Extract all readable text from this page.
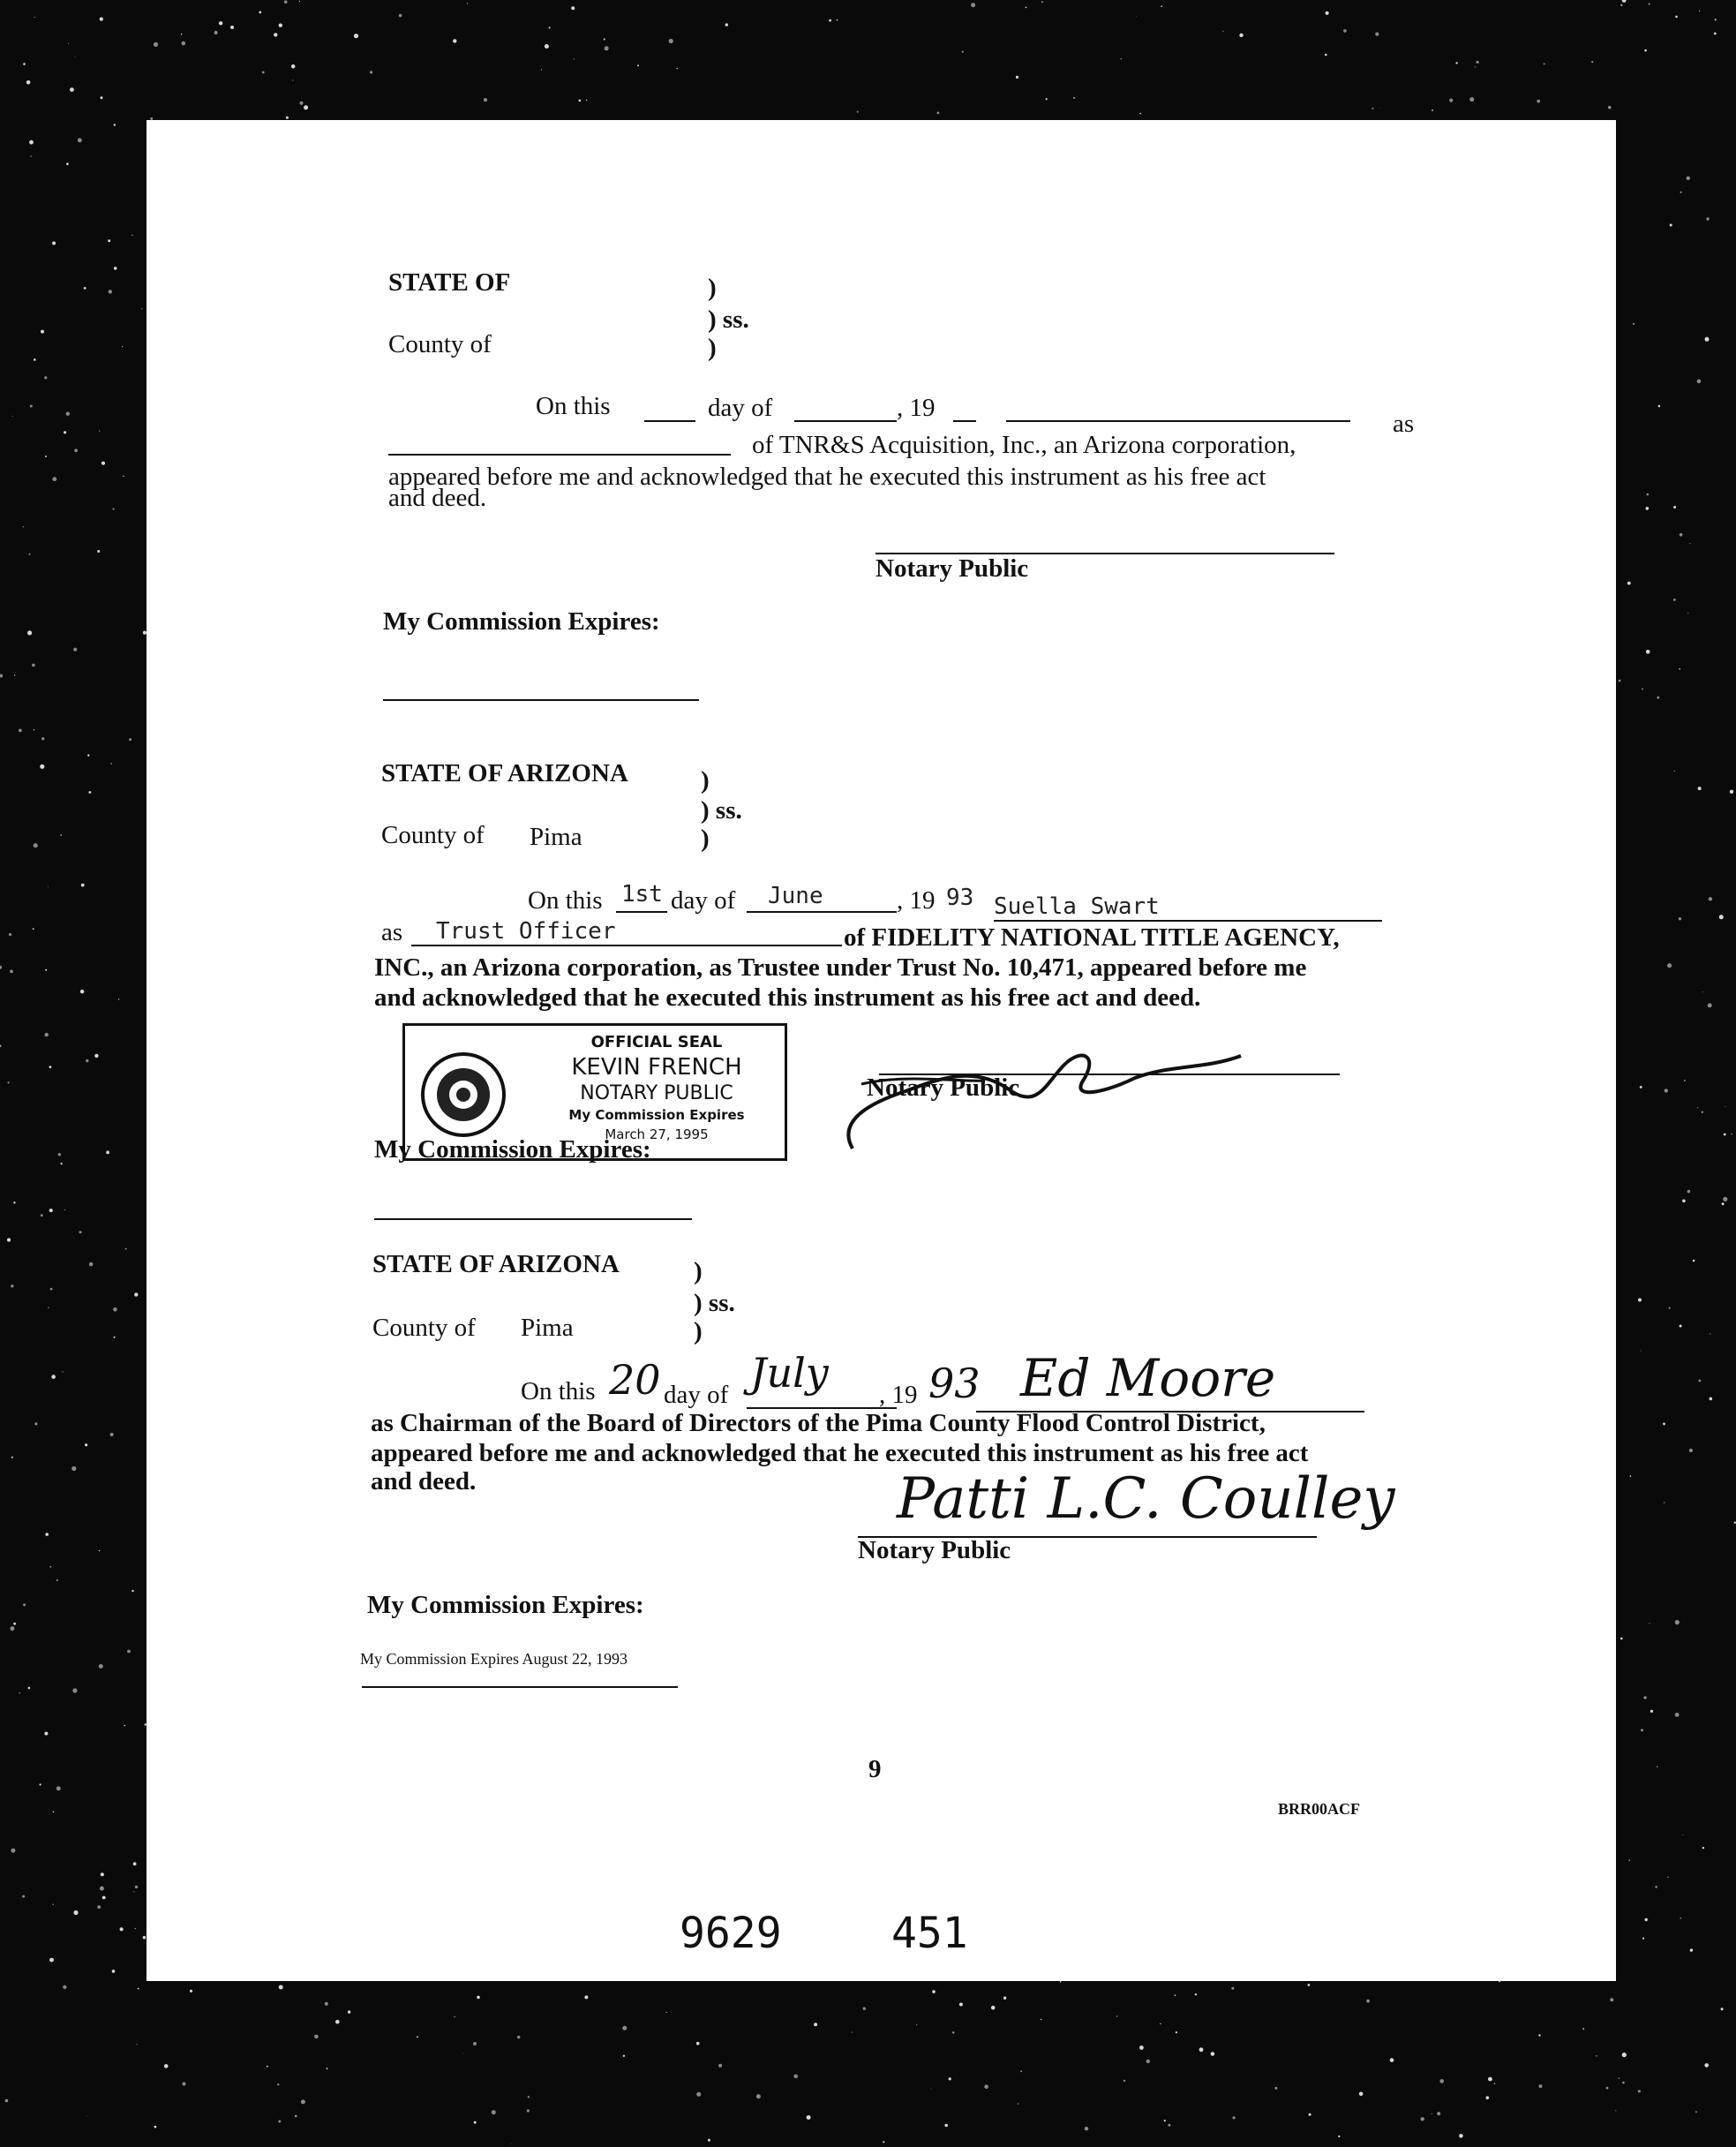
STATE OF	)
) ss.
County of	)
On this	day of	, 19
as
of TNR&S Acquisition, Inc., an Arizona corporation,
appeared before me and acknowledged that he executed this instrument as his free act
and deed.
Notary Public
My Commission Expires:
STATE OF ARIZONA	)
) ss.
County of Pima	)
On this 1st day of June	, 19 93 Suella Swart
as Trust Officer	of FIDELITY NATIONAL TITLE AGENCY,
INC., an Arizona corporation, as Trustee under Trust No. 10,471, appeared before me
and acknowledged that he executed this instrument as his free act and deed.
OFFICIAL SEAL
KEVIN FRENCH
NOTARY PUBLIC
My Commission Expires
March 27, 1995
Notary Public
My Commission Expires:
STATE OF ARIZONA	)
) ss.
County of Pima	)
On this 20 day of July , 19 93 Ed Moore
as Chairman of the Board of Directors of the Pima County Flood Control District,
appeared before me and acknowledged that he executed this instrument as his free act
and deed.	Patti L.C. Coulley
Notary Public
My Commission Expires:
My Commission Expires August 22, 1993
9
BRR00ACF
9629	451
